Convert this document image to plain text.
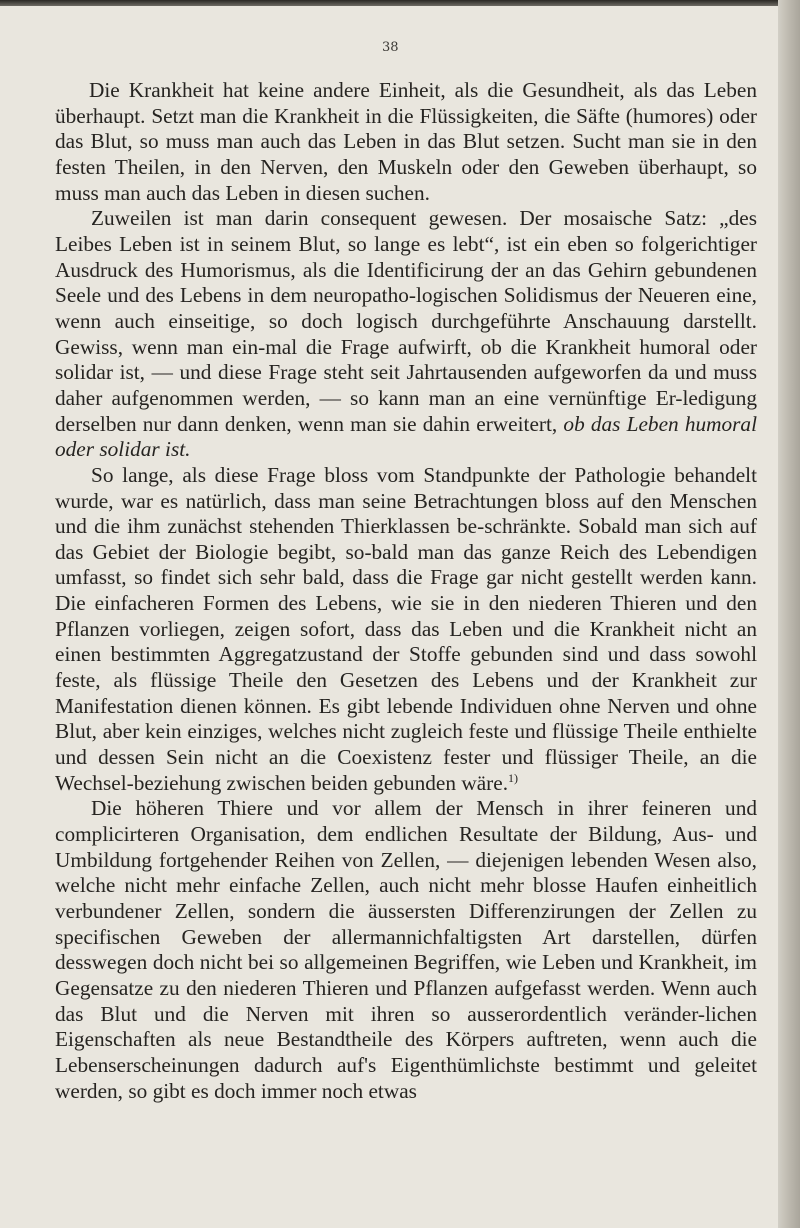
38

Die Krankheit hat keine andere Einheit, als die Gesundheit, als das Leben überhaupt. Setzt man die Krankheit in die Flüssigkeiten, die Säfte (humores) oder das Blut, so muss man auch das Leben in das Blut setzen. Sucht man sie in den festen Theilen, in den Nerven, den Muskeln oder den Geweben überhaupt, so muss man auch das Leben in diesen suchen.

Zuweilen ist man darin consequent gewesen. Der mosaische Satz: „des Leibes Leben ist in seinem Blut, so lange es lebt“, ist ein eben so folgerichtiger Ausdruck des Humorismus, als die Identificirung der an das Gehirn gebundenen Seele und des Lebens in dem neuropatho-logischen Solidismus der Neueren eine, wenn auch einseitige, so doch logisch durchgeführte Anschauung darstellt. Gewiss, wenn man ein-mal die Frage aufwirft, ob die Krankheit humoral oder solidar ist, — und diese Frage steht seit Jahrtausenden aufgeworfen da und muss daher aufgenommen werden, — so kann man an eine vernünftige Er-ledigung derselben nur dann denken, wenn man sie dahin erweitert, ob das Leben humoral oder solidar ist.

So lange, als diese Frage bloss vom Standpunkte der Pathologie behandelt wurde, war es natürlich, dass man seine Betrachtungen bloss auf den Menschen und die ihm zunächst stehenden Thierklassen be-schränkte. Sobald man sich auf das Gebiet der Biologie begibt, so-bald man das ganze Reich des Lebendigen umfasst, so findet sich sehr bald, dass die Frage gar nicht gestellt werden kann. Die einfacheren Formen des Lebens, wie sie in den niederen Thieren und den Pflanzen vorliegen, zeigen sofort, dass das Leben und die Krankheit nicht an einen bestimmten Aggregatzustand der Stoffe gebunden sind und dass sowohl feste, als flüssige Theile den Gesetzen des Lebens und der Krankheit zur Manifestation dienen können. Es gibt lebende Individuen ohne Nerven und ohne Blut, aber kein einziges, welches nicht zugleich feste und flüssige Theile enthielte und dessen Sein nicht an die Coexistenz fester und flüssiger Theile, an die Wechsel-beziehung zwischen beiden gebunden wäre.$^{1)}$

Die höheren Thiere und vor allem der Mensch in ihrer feineren und complicirteren Organisation, dem endlichen Resultate der Bildung, Aus- und Umbildung fortgehender Reihen von Zellen, — diejenigen lebenden Wesen also, welche nicht mehr einfache Zellen, auch nicht mehr blosse Haufen einheitlich verbundener Zellen, sondern die äussersten Differenzirungen der Zellen zu specifischen Geweben der allermannichfaltigsten Art darstellen, dürfen desswegen doch nicht bei so allgemeinen Begriffen, wie Leben und Krankheit, im Gegensatze zu den niederen Thieren und Pflanzen aufgefasst werden. Wenn auch das Blut und die Nerven mit ihren so ausserordentlich veränder-lichen Eigenschaften als neue Bestandtheile des Körpers auftreten, wenn auch die Lebenserscheinungen dadurch auf's Eigenthümlichste bestimmt und geleitet werden, so gibt es doch immer noch etwas
